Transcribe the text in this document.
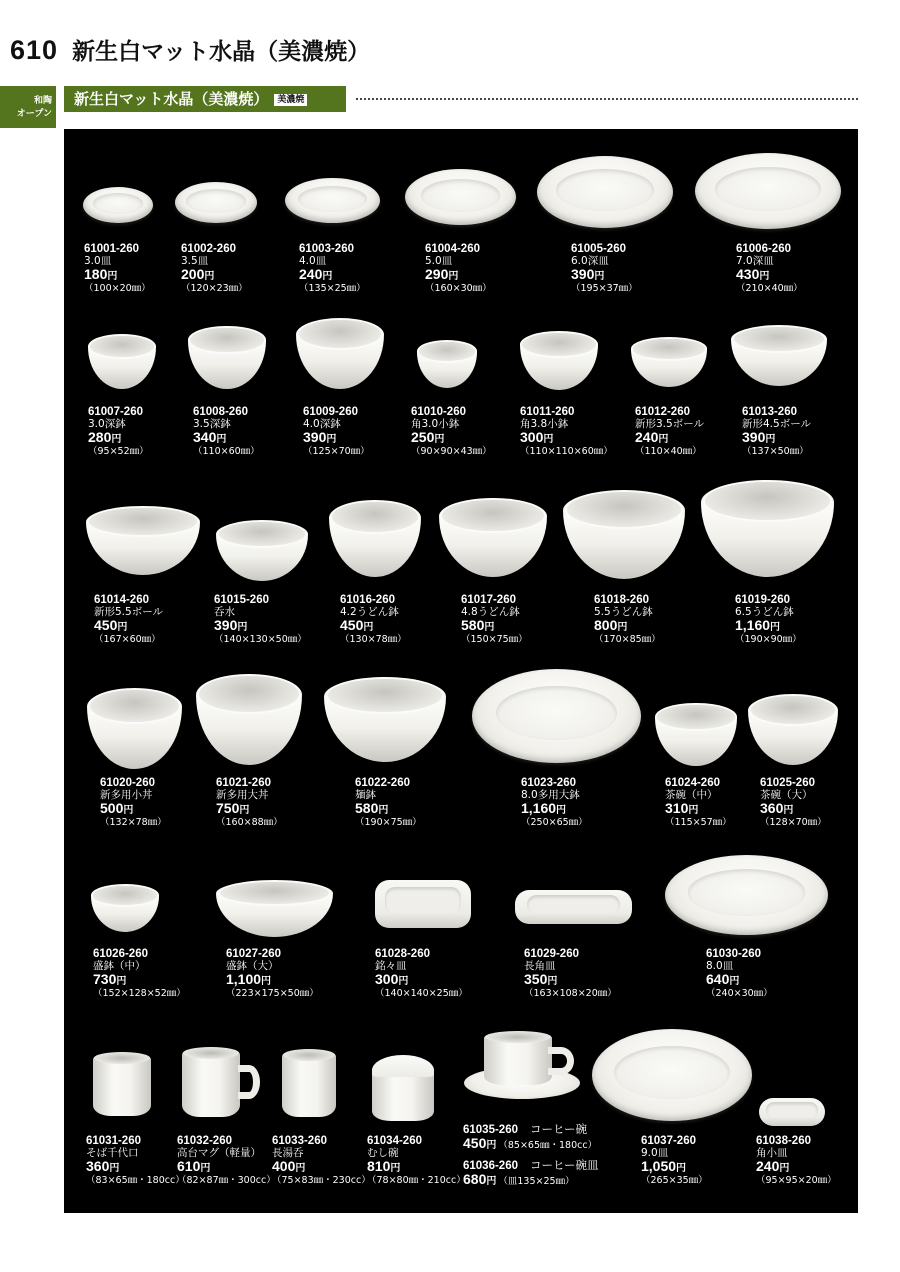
610 新生白マット水晶（美濃焼）
和陶
オープン
新生白マット水晶（美濃焼） 美濃焼
61001-260
3.0皿
180円
（100×20㎜）
61002-260
3.5皿
200円
（120×23㎜）
61003-260
4.0皿
240円
（135×25㎜）
61004-260
5.0皿
290円
（160×30㎜）
61005-260
6.0深皿
390円
（195×37㎜）
61006-260
7.0深皿
430円
（210×40㎜）
61007-260
3.0深鉢
280円
（95×52㎜）
61008-260
3.5深鉢
340円
（110×60㎜）
61009-260
4.0深鉢
390円
（125×70㎜）
61010-260
角3.0小鉢
250円
（90×90×43㎜）
61011-260
角3.8小鉢
300円
（110×110×60㎜）
61012-260
新形3.5ボール
240円
（110×40㎜）
61013-260
新形4.5ボール
390円
（137×50㎜）
61014-260
新形5.5ボール
450円
（167×60㎜）
61015-260
呑水
390円
（140×130×50㎜）
61016-260
4.2うどん鉢
450円
（130×78㎜）
61017-260
4.8うどん鉢
580円
（150×75㎜）
61018-260
5.5うどん鉢
800円
（170×85㎜）
61019-260
6.5うどん鉢
1,160円
（190×90㎜）
61020-260
新多用小丼
500円
（132×78㎜）
61021-260
新多用大丼
750円
（160×88㎜）
61022-260
麺鉢
580円
（190×75㎜）
61023-260
8.0多用大鉢
1,160円
（250×65㎜）
61024-260
茶碗（中）
310円
（115×57㎜）
61025-260
茶碗（大）
360円
（128×70㎜）
61026-260
盛鉢（中）
730円
（152×128×52㎜）
61027-260
盛鉢（大）
1,100円
（223×175×50㎜）
61028-260
銘々皿
300円
（140×140×25㎜）
61029-260
長角皿
350円
（163×108×20㎜）
61030-260
8.0皿
640円
（240×30㎜）
61031-260
そば千代口
360円
（83×65㎜・180cc）
61032-260
高台マグ（軽量）
610円
（82×87㎜・300cc）
61033-260
長湯呑
400円
（75×83㎜・230cc）
61034-260
むし碗
810円
（78×80㎜・210cc）
61035-260 コーヒー碗
450円 （85×65㎜・180cc）
61036-260 コーヒー碗皿
680円 （皿135×25㎜）
61037-260
9.0皿
1,050円
（265×35㎜）
61038-260
角小皿
240円
（95×95×20㎜）
